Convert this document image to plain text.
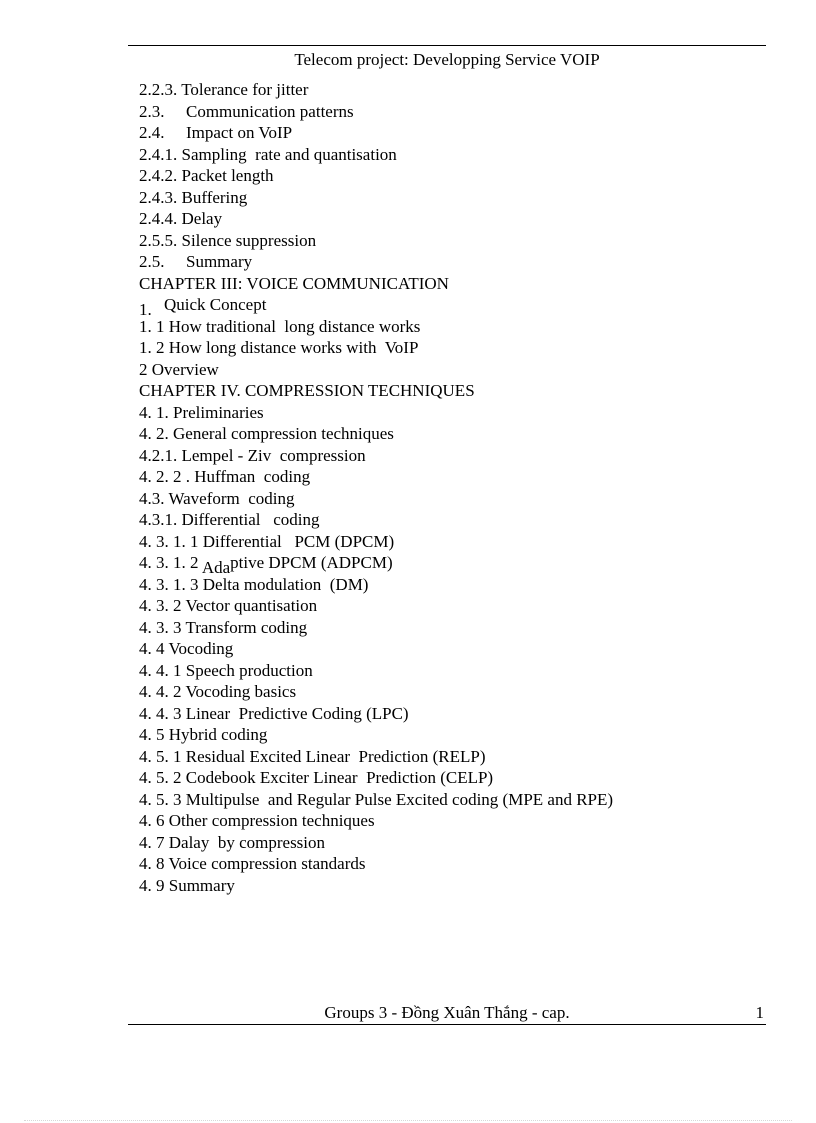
Telecom project: Developping Service VOIP
2.2.3. Tolerance for jitter
2.3. Communication patterns
2.4. Impact on VoIP
2.4.1. Sampling  rate and quantisation
2.4.2. Packet length
2.4.3. Buffering
2.4.4. Delay
2.5.5. Silence suppression
2.5. Summary
CHAPTER III: VOICE COMMUNICATION
1. Quick Concept
1. 1 How traditional  long distance works
1. 2 How long distance works with  VoIP
2 Overview
CHAPTER IV. COMPRESSION TECHNIQUES
4. 1. Preliminaries
4. 2. General compression techniques
4.2.1. Lempel - Ziv  compression
4. 2. 2 . Huffman  coding
4.3. Waveform  coding
4.3.1. Differential   coding
4. 3. 1. 1 Differential   PCM (DPCM)
4. 3. 1. 2 Adaptive DPCM (ADPCM)
4. 3. 1. 3 Delta modulation  (DM)
4. 3. 2 Vector quantisation
4. 3. 3 Transform coding
4. 4 Vocoding
4. 4. 1 Speech production
4. 4. 2 Vocoding basics
4. 4. 3 Linear  Predictive Coding (LPC)
4. 5 Hybrid coding
4. 5. 1 Residual Excited Linear  Prediction (RELP)
4. 5. 2 Codebook Exciter Linear  Prediction (CELP)
4. 5. 3 Multipulse  and Regular Pulse Excited coding (MPE and RPE)
4. 6 Other compression techniques
4. 7 Dalay  by compression
4. 8 Voice compression standards
4. 9 Summary
Groups 3 - Đồng Xuân Thắng - cap.	1
